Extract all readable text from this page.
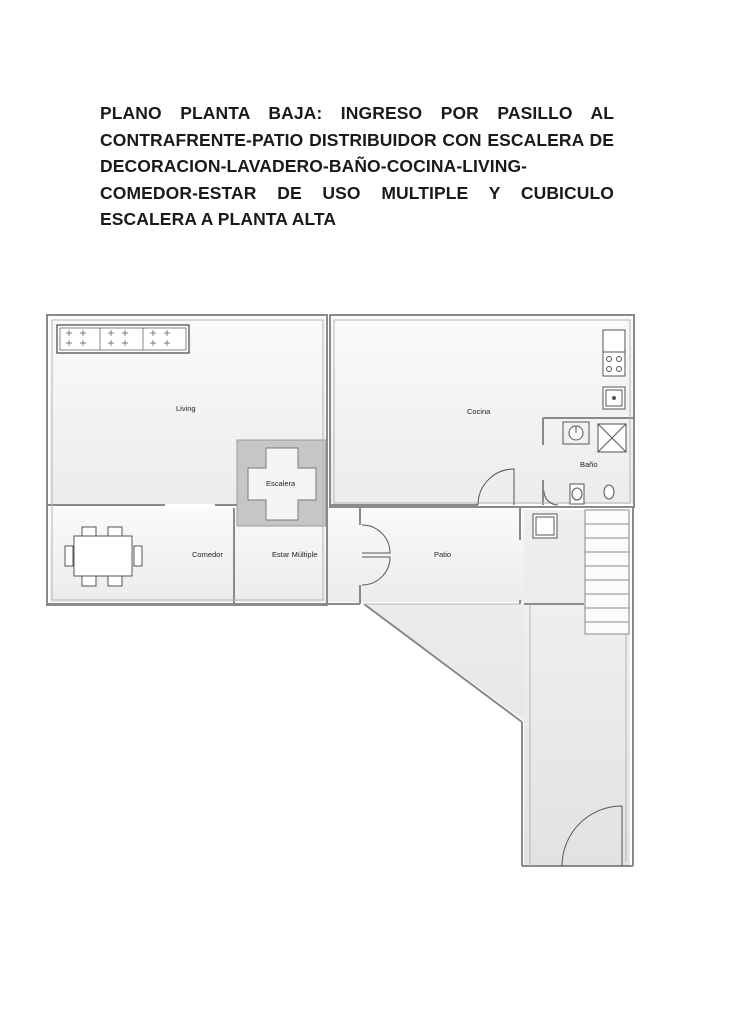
PLANO PLANTA BAJA: INGRESO POR PASILLO AL CONTRAFRENTE-PATIO DISTRIBUIDOR CON ESCALERA DE DECORACION-LAVADERO-BAÑO-COCINA-LIVING-COMEDOR-ESTAR DE USO MULTIPLE Y CUBICULO ESCALERA A PLANTA ALTA
Living
Escalera
Cocina
Baño
Comedor	Estar Múltiple	Patio
